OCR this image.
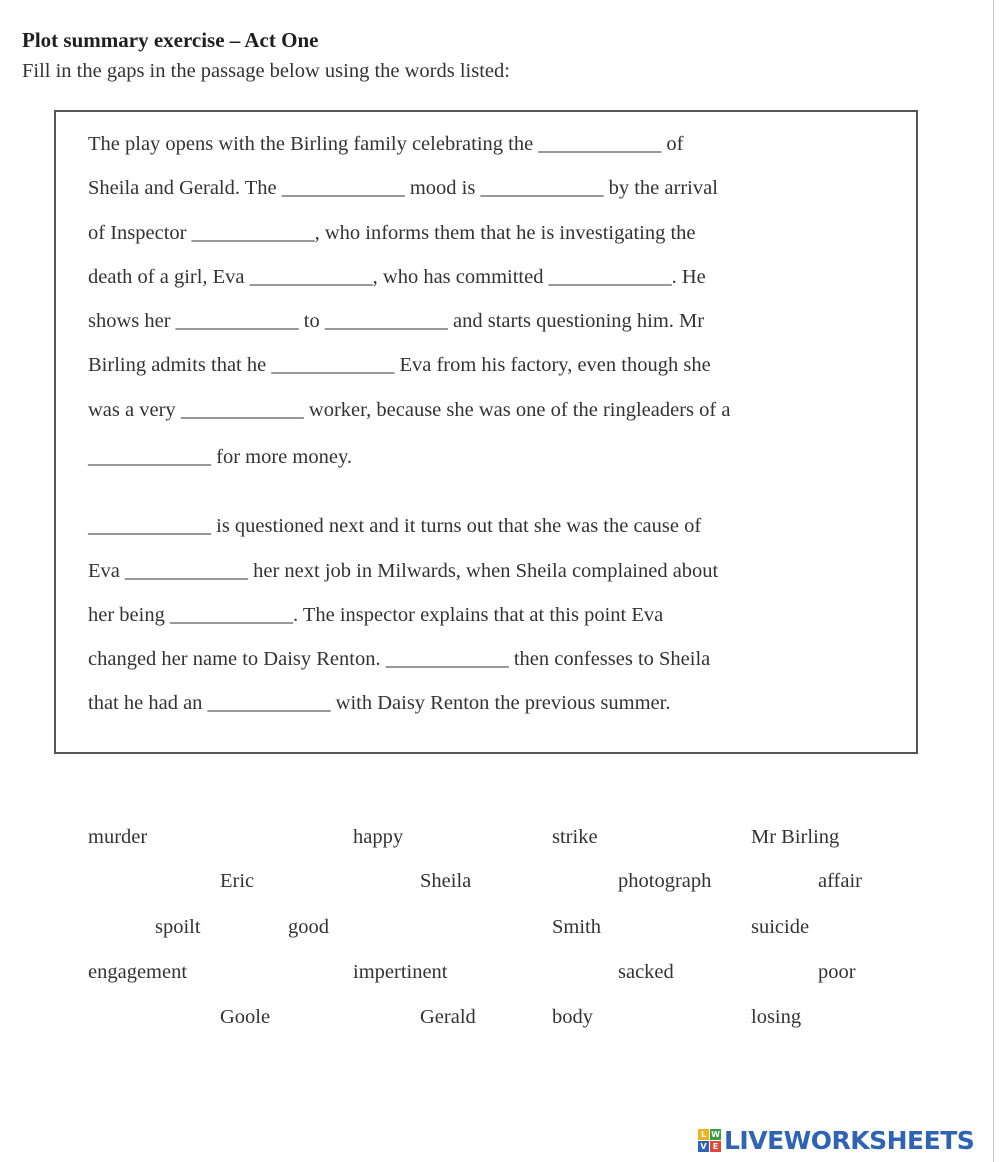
Plot summary exercise – Act One
Fill in the gaps in the passage below using the words listed:
The play opens with the Birling family celebrating the ____________ of
Sheila and Gerald. The ____________ mood is ____________ by the arrival
of Inspector ____________, who informs them that he is investigating the
death of a girl, Eva ____________, who has committed ____________. He
shows her ____________ to ____________ and starts questioning him. Mr
Birling admits that he ____________ Eva from his factory, even though she
was a very ____________ worker, because she was one of the ringleaders of a
____________ for more money.
____________ is questioned next and it turns out that she was the cause of
Eva ____________ her next job in Milwards, when Sheila complained about
her being ____________. The inspector explains that at this point Eva
changed her name to Daisy Renton. ____________ then confesses to Sheila
that he had an ____________ with Daisy Renton the previous summer.
murder	happy	strike	Mr Birling
Eric	Sheila	photograph	affair
spoilt	good	Smith	suicide
engagement	impertinent	sacked	poor
Goole	Gerald	body	losing
L W
V E LIVEWORKSHEETS
